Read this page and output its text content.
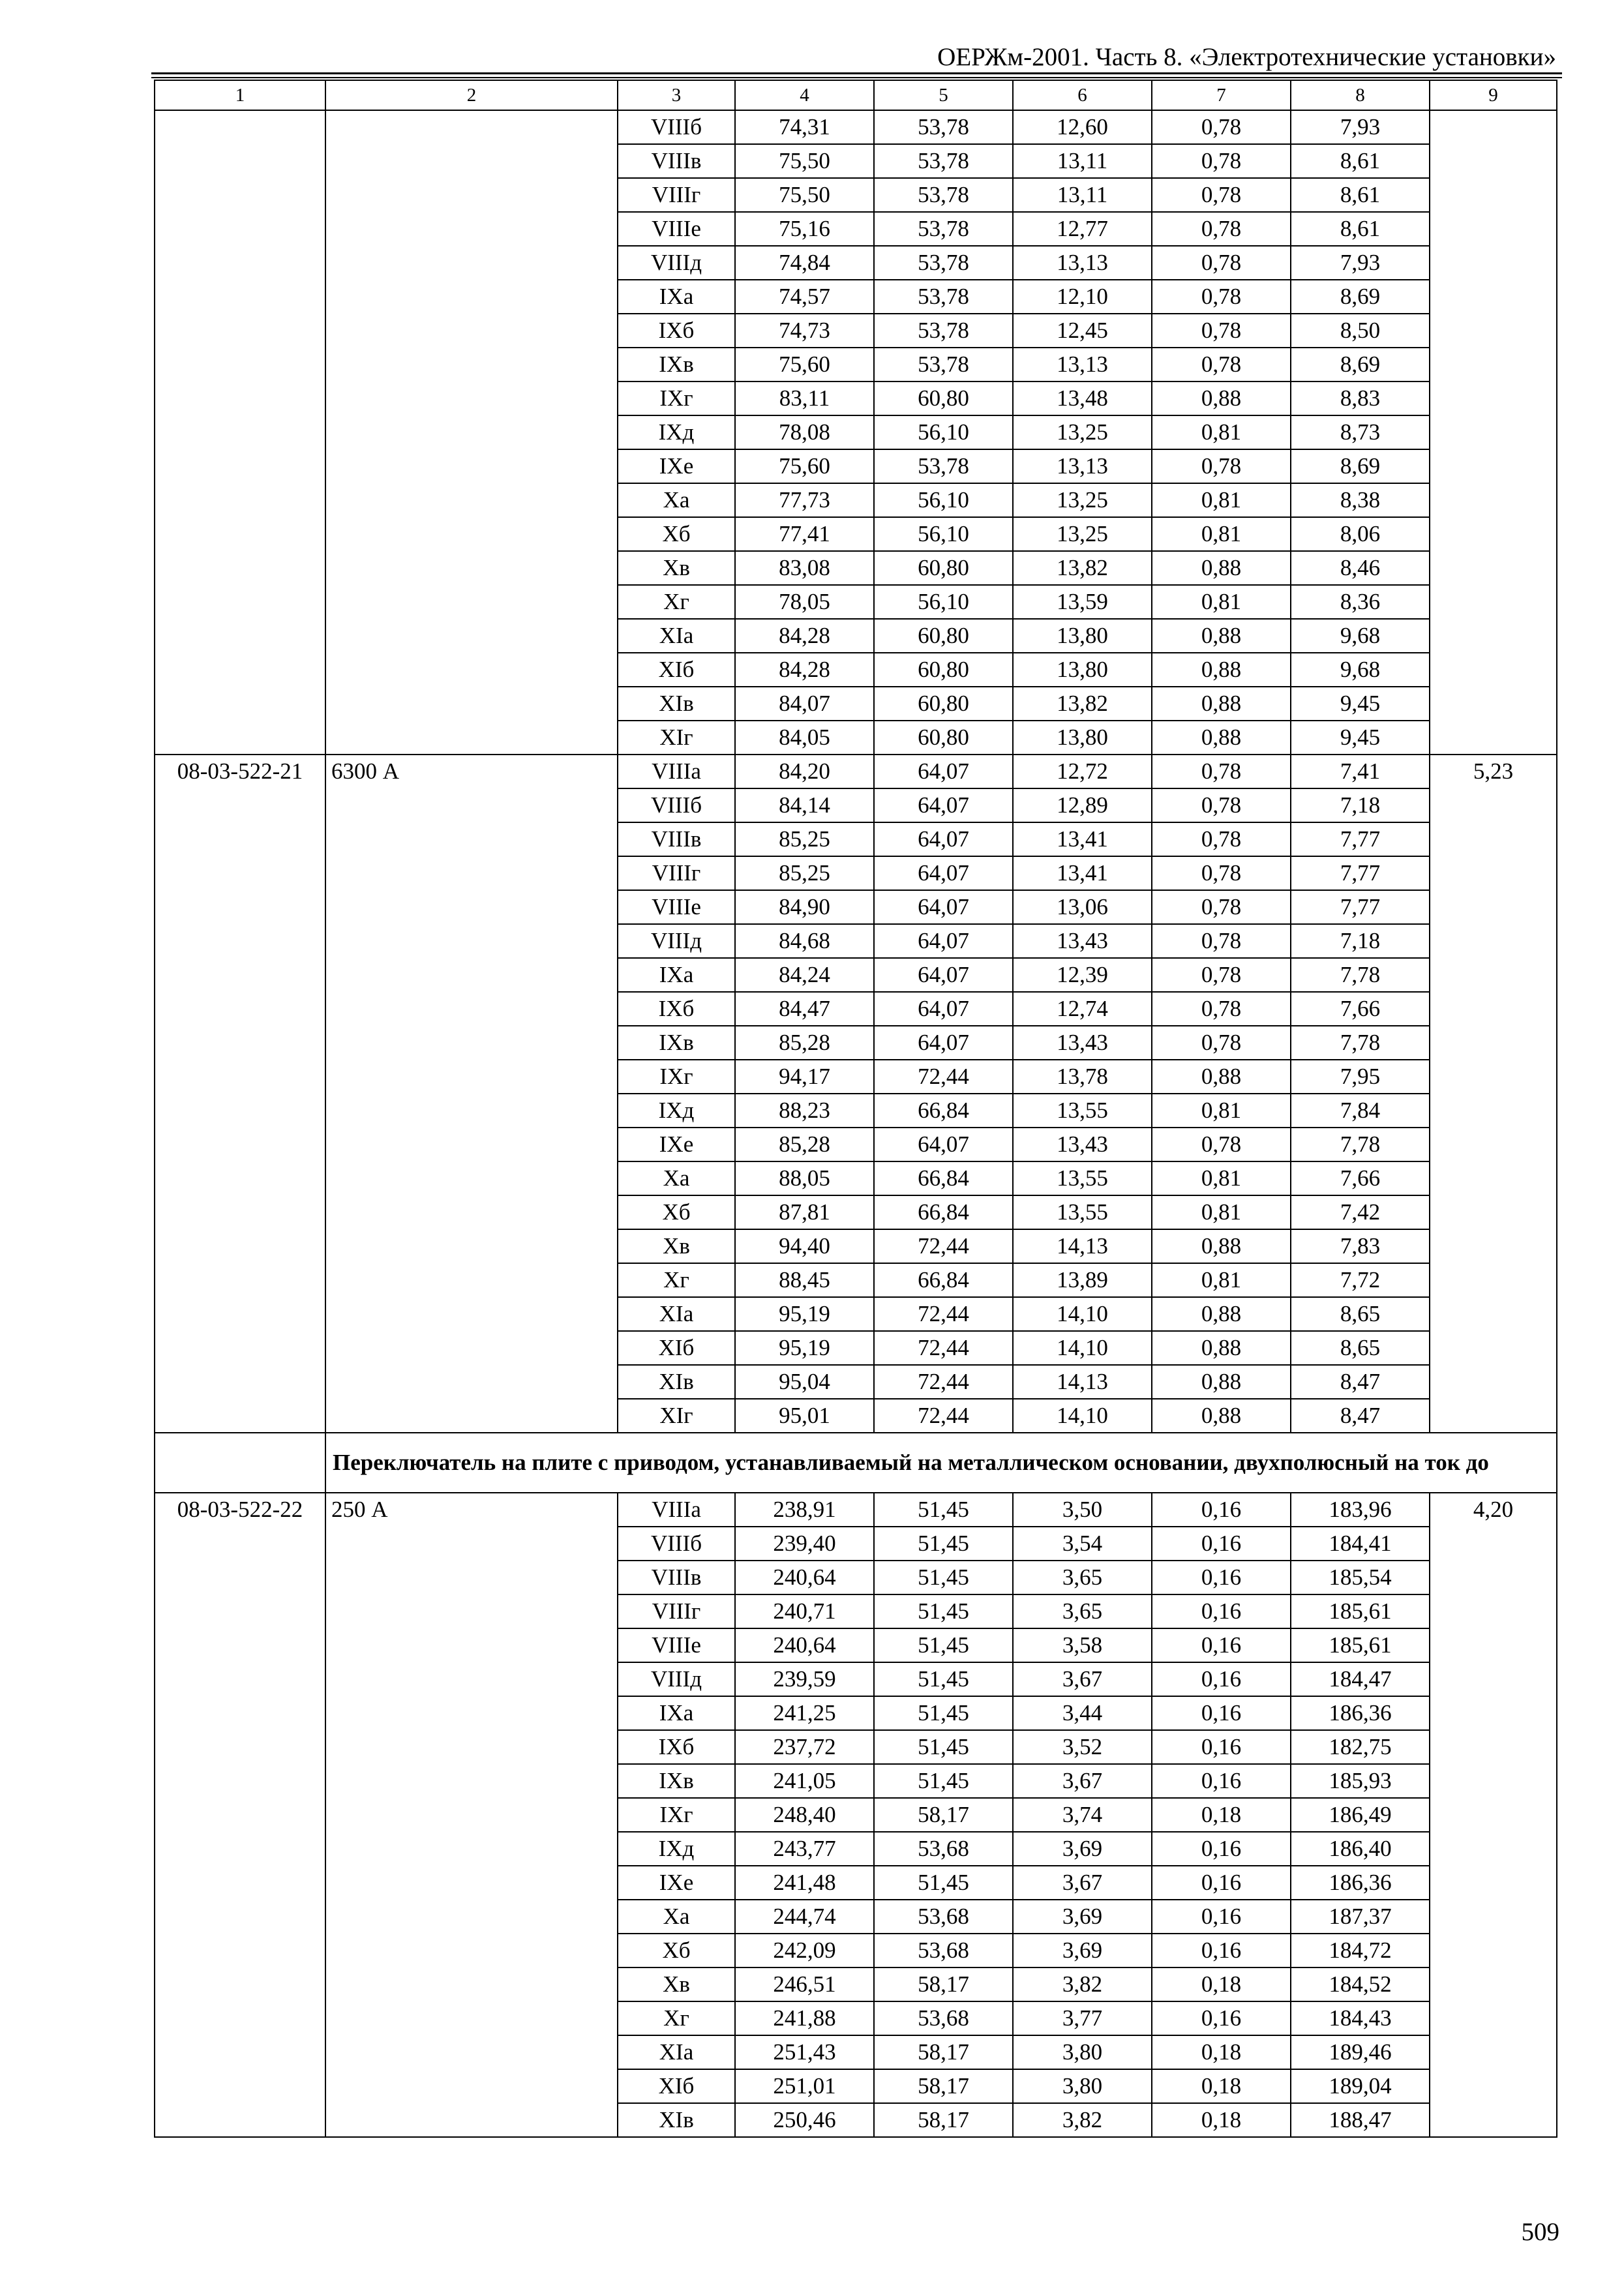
ОЕРЖм-2001. Часть 8. «Электротехнические установки»
1	2	3	4	5	6	7	8	9
		VIIIб	74,31	53,78	12,60	0,78	7,93	
		VIIIв	75,50	53,78	13,11	0,78	8,61	
		VIIIг	75,50	53,78	13,11	0,78	8,61	
		VIIIе	75,16	53,78	12,77	0,78	8,61	
		VIIIд	74,84	53,78	13,13	0,78	7,93	
		IXа	74,57	53,78	12,10	0,78	8,69	
		IXб	74,73	53,78	12,45	0,78	8,50	
		IXв	75,60	53,78	13,13	0,78	8,69	
		IXг	83,11	60,80	13,48	0,88	8,83	
		IXд	78,08	56,10	13,25	0,81	8,73	
		IXе	75,60	53,78	13,13	0,78	8,69	
		Xа	77,73	56,10	13,25	0,81	8,38	
		Xб	77,41	56,10	13,25	0,81	8,06	
		Xв	83,08	60,80	13,82	0,88	8,46	
		Xг	78,05	56,10	13,59	0,81	8,36	
		XIа	84,28	60,80	13,80	0,88	9,68	
		XIб	84,28	60,80	13,80	0,88	9,68	
		XIв	84,07	60,80	13,82	0,88	9,45	
		XIг	84,05	60,80	13,80	0,88	9,45	
08-03-522-21	6300 А	VIIIа	84,20	64,07	12,72	0,78	7,41	5,23
		VIIIб	84,14	64,07	12,89	0,78	7,18	
		VIIIв	85,25	64,07	13,41	0,78	7,77	
		VIIIг	85,25	64,07	13,41	0,78	7,77	
		VIIIе	84,90	64,07	13,06	0,78	7,77	
		VIIIд	84,68	64,07	13,43	0,78	7,18	
		IXа	84,24	64,07	12,39	0,78	7,78	
		IXб	84,47	64,07	12,74	0,78	7,66	
		IXв	85,28	64,07	13,43	0,78	7,78	
		IXг	94,17	72,44	13,78	0,88	7,95	
		IXд	88,23	66,84	13,55	0,81	7,84	
		IXе	85,28	64,07	13,43	0,78	7,78	
		Xа	88,05	66,84	13,55	0,81	7,66	
		Xб	87,81	66,84	13,55	0,81	7,42	
		Xв	94,40	72,44	14,13	0,88	7,83	
		Xг	88,45	66,84	13,89	0,81	7,72	
		XIа	95,19	72,44	14,10	0,88	8,65	
		XIб	95,19	72,44	14,10	0,88	8,65	
		XIв	95,04	72,44	14,13	0,88	8,47	
		XIг	95,01	72,44	14,10	0,88	8,47	
	Переключатель на плите с приводом, устанавливаемый на металлическом основании, двухполюсный на ток до							
08-03-522-22	250 А	VIIIа	238,91	51,45	3,50	0,16	183,96	4,20
		VIIIб	239,40	51,45	3,54	0,16	184,41	
		VIIIв	240,64	51,45	3,65	0,16	185,54	
		VIIIг	240,71	51,45	3,65	0,16	185,61	
		VIIIе	240,64	51,45	3,58	0,16	185,61	
		VIIIд	239,59	51,45	3,67	0,16	184,47	
		IXа	241,25	51,45	3,44	0,16	186,36	
		IXб	237,72	51,45	3,52	0,16	182,75	
		IXв	241,05	51,45	3,67	0,16	185,93	
		IXг	248,40	58,17	3,74	0,18	186,49	
		IXд	243,77	53,68	3,69	0,16	186,40	
		IXе	241,48	51,45	3,67	0,16	186,36	
		Xа	244,74	53,68	3,69	0,16	187,37	
		Xб	242,09	53,68	3,69	0,16	184,72	
		Xв	246,51	58,17	3,82	0,18	184,52	
		Xг	241,88	53,68	3,77	0,16	184,43	
		XIа	251,43	58,17	3,80	0,18	189,46	
		XIб	251,01	58,17	3,80	0,18	189,04	
		XIв	250,46	58,17	3,82	0,18	188,47	
509
